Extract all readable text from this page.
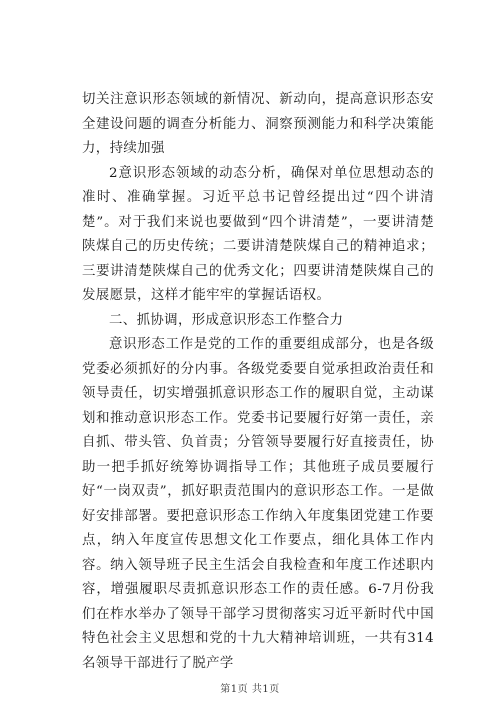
切关注意识形态领域的新情况、新动向，提高意识形态安全建设问题的调查分析能力、洞察预测能力和科学决策能力，持续加强

2意识形态领域的动态分析，确保对单位思想动态的准时、准确掌握。习近平总书记曾经提出过“四个讲清楚”。对于我们来说也要做到“四个讲清楚”，一要讲清楚陕煤自己的历史传统；二要讲清楚陕煤自己的精神追求；三要讲清楚陕煤自己的优秀文化；四要讲清楚陕煤自己的发展愿景，这样才能牢牢的掌握话语权。

二、抓协调，形成意识形态工作整合力

意识形态工作是党的工作的重要组成部分，也是各级党委必须抓好的分内事。各级党委要自觉承担政治责任和领导责任，切实增强抓意识形态工作的履职自觉，主动谋划和推动意识形态工作。党委书记要履行好第一责任，亲自抓、带头管、负首责；分管领导要履行好直接责任，协助一把手抓好统筹协调指导工作；其他班子成员要履行好“一岗双责”，抓好职责范围内的意识形态工作。一是做好安排部署。要把意识形态工作纳入年度集团党建工作要点，纳入年度宣传思想文化工作要点，细化具体工作内容。纳入领导班子民主生活会自我检查和年度工作述职内容，增强履职尽责抓意识形态工作的责任感。6-7月份我们在柞水举办了领导干部学习贯彻落实习近平新时代中国特色社会主义思想和党的十九大精神培训班，一共有314名领导干部进行了脱产学

第1页 共1页
